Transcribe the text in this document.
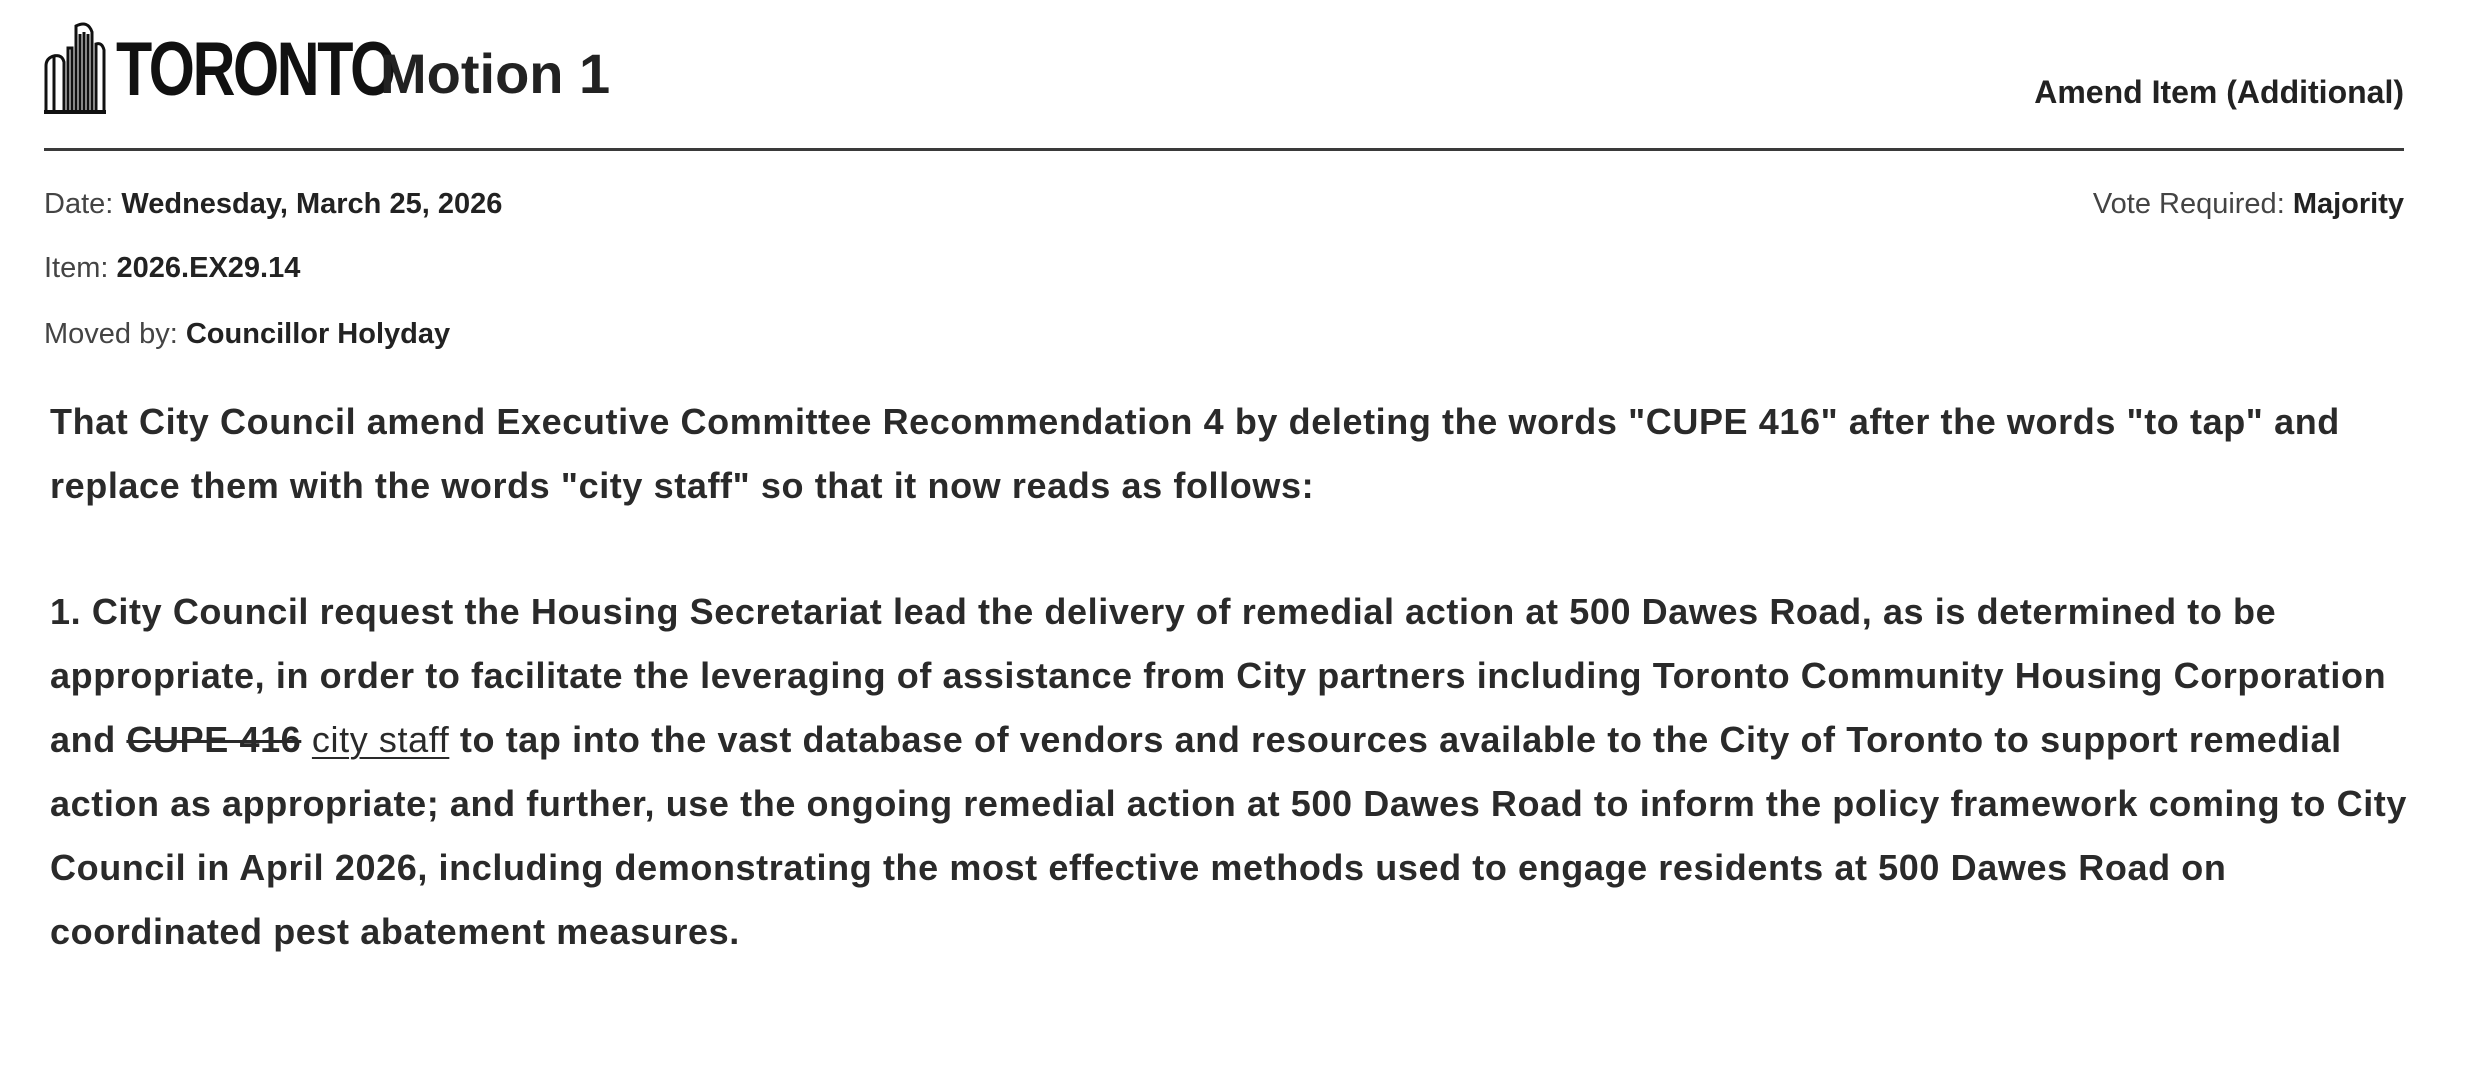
TORONTO
Motion 1	Amend Item (Additional)
Date: Wednesday, March 25, 2026
Item: 2026.EX29.14
Moved by: Councillor Holyday
Vote Required: Majority

That City Council amend Executive Committee Recommendation 4 by deleting the words "CUPE 416" after the words "to tap" and replace them with the words "city staff" so that it now reads as follows:

1. City Council request the Housing Secretariat lead the delivery of remedial action at 500 Dawes Road, as is determined to be appropriate, in order to facilitate the leveraging of assistance from City partners including Toronto Community Housing Corporation and CUPE 416 city staff to tap into the vast database of vendors and resources available to the City of Toronto to support remedial action as appropriate; and further, use the ongoing remedial action at 500 Dawes Road to inform the policy framework coming to City Council in April 2026, including demonstrating the most effective methods used to engage residents at 500 Dawes Road on coordinated pest abatement measures.
